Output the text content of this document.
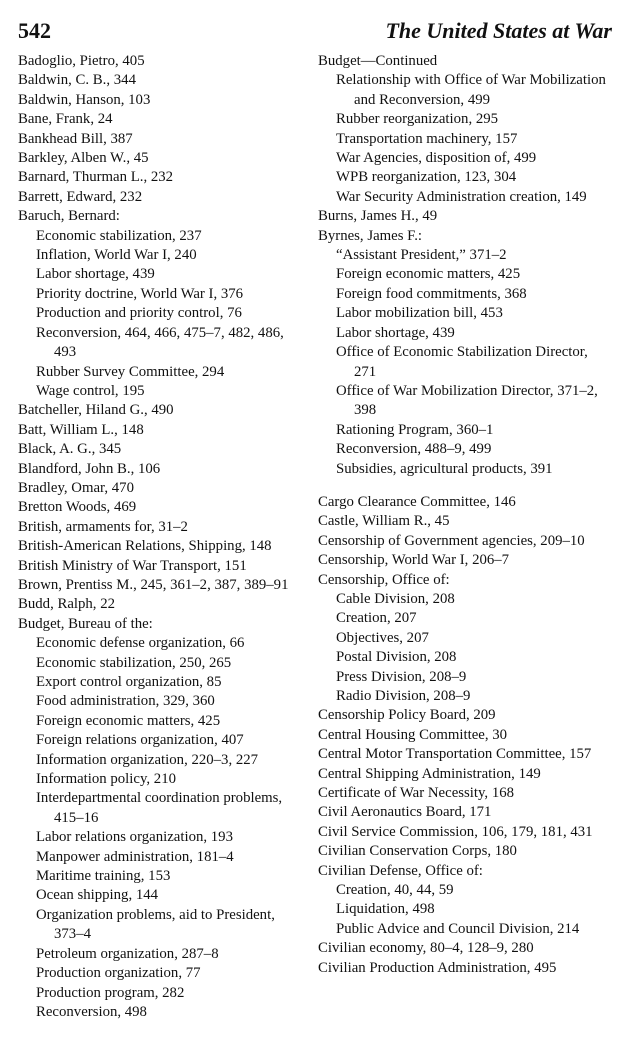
542	The United States at War
Badoglio, Pietro, 405
Baldwin, C. B., 344
Baldwin, Hanson, 103
Bane, Frank, 24
Bankhead Bill, 387
Barkley, Alben W., 45
Barnard, Thurman L., 232
Barrett, Edward, 232
Baruch, Bernard:
Economic stabilization, 237
Inflation, World War I, 240
Labor shortage, 439
Priority doctrine, World War I, 376
Production and priority control, 76
Reconversion, 464, 466, 475–7, 482, 486, 493
Rubber Survey Committee, 294
Wage control, 195
Batcheller, Hiland G., 490
Batt, William L., 148
Black, A. G., 345
Blandford, John B., 106
Bradley, Omar, 470
Bretton Woods, 469
British, armaments for, 31–2
British-American Relations, Shipping, 148
British Ministry of War Transport, 151
Brown, Prentiss M., 245, 361–2, 387, 389–91
Budd, Ralph, 22
Budget, Bureau of the:
Economic defense organization, 66
Economic stabilization, 250, 265
Export control organization, 85
Food administration, 329, 360
Foreign economic matters, 425
Foreign relations organization, 407
Information organization, 220–3, 227
Information policy, 210
Interdepartmental coordination problems, 415–16
Labor relations organization, 193
Manpower administration, 181–4
Maritime training, 153
Ocean shipping, 144
Organization problems, aid to President, 373–4
Petroleum organization, 287–8
Production organization, 77
Production program, 282
Reconversion, 498
Budget—Continued
Relationship with Office of War Mobilization and Reconversion, 499
Rubber reorganization, 295
Transportation machinery, 157
War Agencies, disposition of, 499
WPB reorganization, 123, 304
War Security Administration creation, 149
Burns, James H., 49
Byrnes, James F.:
“Assistant President,” 371–2
Foreign economic matters, 425
Foreign food commitments, 368
Labor mobilization bill, 453
Labor shortage, 439
Office of Economic Stabilization Director, 271
Office of War Mobilization Director, 371–2, 398
Rationing Program, 360–1
Reconversion, 488–9, 499
Subsidies, agricultural products, 391
Cargo Clearance Committee, 146
Castle, William R., 45
Censorship of Government agencies, 209–10
Censorship, World War I, 206–7
Censorship, Office of:
Cable Division, 208
Creation, 207
Objectives, 207
Postal Division, 208
Press Division, 208–9
Radio Division, 208–9
Censorship Policy Board, 209
Central Housing Committee, 30
Central Motor Transportation Committee, 157
Central Shipping Administration, 149
Certificate of War Necessity, 168
Civil Aeronautics Board, 171
Civil Service Commission, 106, 179, 181, 431
Civilian Conservation Corps, 180
Civilian Defense, Office of:
Creation, 40, 44, 59
Liquidation, 498
Public Advice and Council Division, 214
Civilian economy, 80–4, 128–9, 280
Civilian Production Administration, 495
